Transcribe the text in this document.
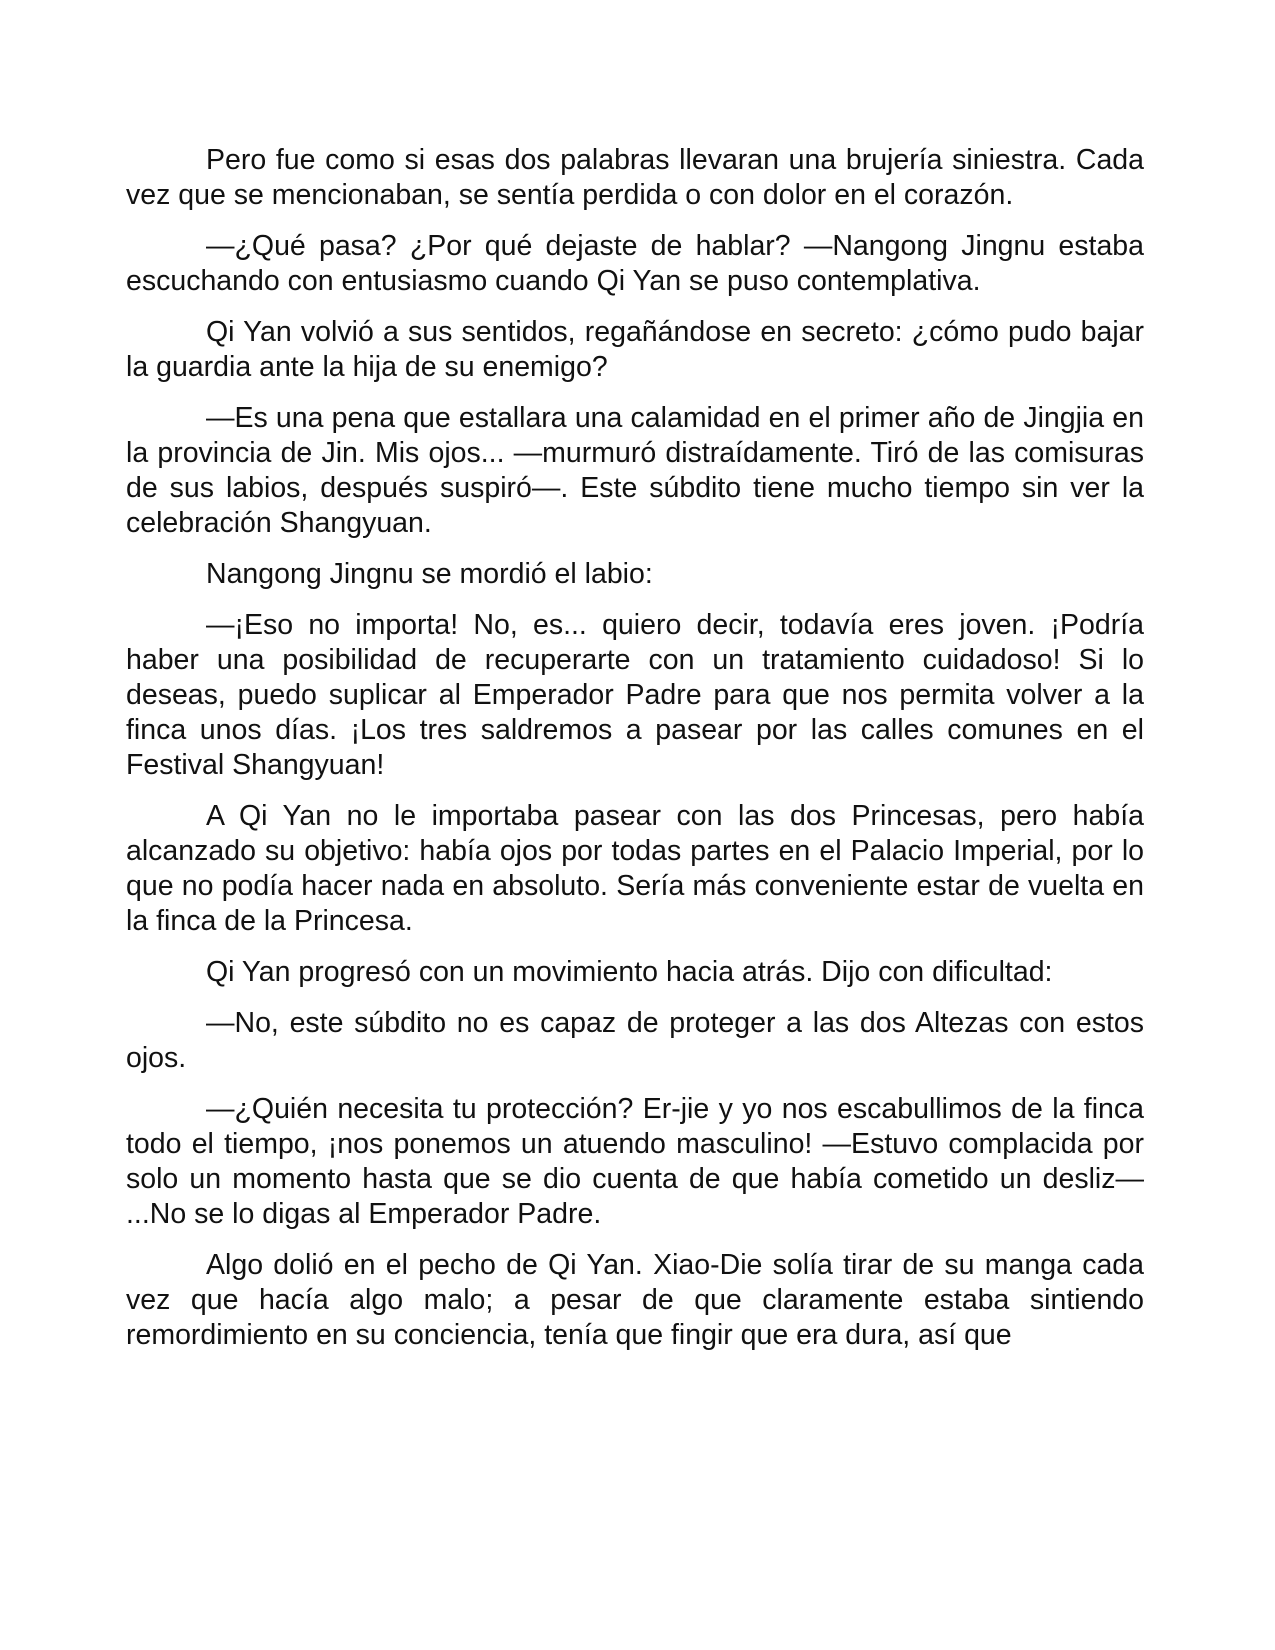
Pero fue como si esas dos palabras llevaran una brujería siniestra. Cada vez que se mencionaban, se sentía perdida o con dolor en el corazón.

—¿Qué pasa? ¿Por qué dejaste de hablar? —Nangong Jingnu estaba escuchando con entusiasmo cuando Qi Yan se puso contemplativa.

Qi Yan volvió a sus sentidos, regañándose en secreto: ¿cómo pudo bajar la guardia ante la hija de su enemigo?

—Es una pena que estallara una calamidad en el primer año de Jingjia en la provincia de Jin. Mis ojos... —murmuró distraídamente. Tiró de las comisuras de sus labios, después suspiró—. Este súbdito tiene mucho tiempo sin ver la celebración Shangyuan.

Nangong Jingnu se mordió el labio:

—¡Eso no importa! No, es... quiero decir, todavía eres joven. ¡Podría haber una posibilidad de recuperarte con un tratamiento cuidadoso! Si lo deseas, puedo suplicar al Emperador Padre para que nos permita volver a la finca unos días. ¡Los tres saldremos a pasear por las calles comunes en el Festival Shangyuan!

A Qi Yan no le importaba pasear con las dos Princesas, pero había alcanzado su objetivo: había ojos por todas partes en el Palacio Imperial, por lo que no podía hacer nada en absoluto. Sería más conveniente estar de vuelta en la finca de la Princesa.

Qi Yan progresó con un movimiento hacia atrás. Dijo con dificultad:

—No, este súbdito no es capaz de proteger a las dos Altezas con estos ojos.

—¿Quién necesita tu protección? Er-jie y yo nos escabullimos de la finca todo el tiempo, ¡nos ponemos un atuendo masculino! —Estuvo complacida por solo un momento hasta que se dio cuenta de que había cometido un desliz— ...No se lo digas al Emperador Padre.

Algo dolió en el pecho de Qi Yan. Xiao-Die solía tirar de su manga cada vez que hacía algo malo; a pesar de que claramente estaba sintiendo remordimiento en su conciencia, tenía que fingir que era dura, así que
